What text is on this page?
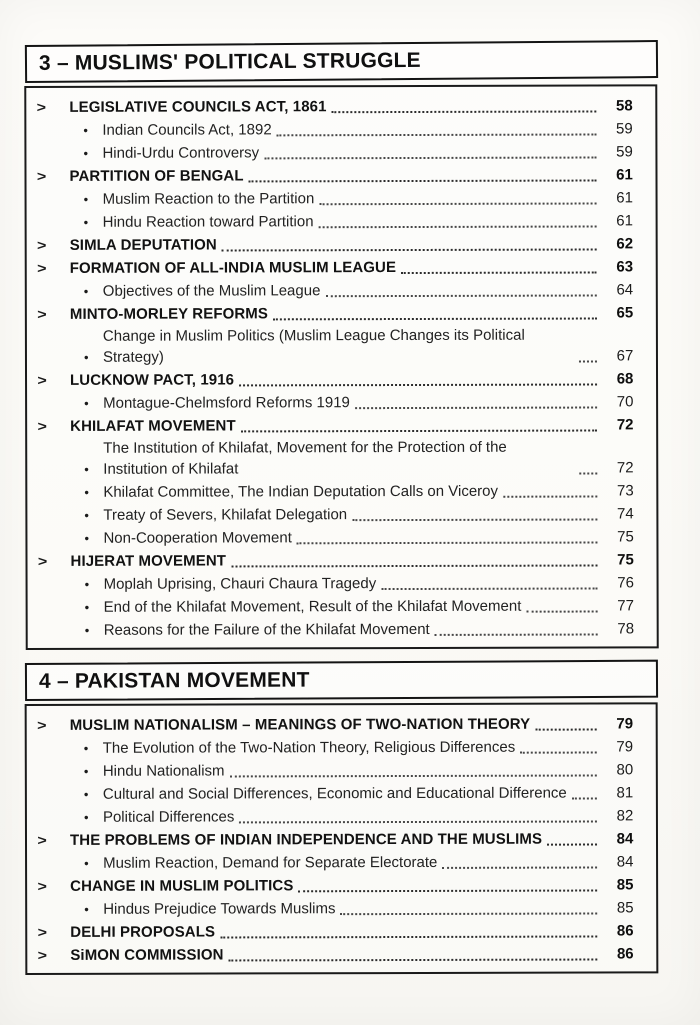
3 – MUSLIMS' POLITICAL STRUGGLE
>	LEGISLATIVE COUNCILS ACT, 1861	58
• Indian Councils Act, 1892	59
• Hindi-Urdu Controversy	59
>	PARTITION OF BENGAL	61
• Muslim Reaction to the Partition	61
• Hindu Reaction toward Partition	61
>	SIMLA DEPUTATION	62
>	FORMATION OF ALL-INDIA MUSLIM LEAGUE	63
• Objectives of the Muslim League	64
>	MINTO-MORLEY REFORMS	65
•
Change in Muslim Politics (Muslim League Changes its Political Strategy)	67
>	LUCKNOW PACT, 1916	68
• Montague-Chelmsford Reforms 1919	70
>	KHILAFAT MOVEMENT	72
•
The Institution of Khilafat, Movement for the Protection of the Institution of Khilafat	72
• Khilafat Committee, The Indian Deputation Calls on Viceroy	73
• Treaty of Severs, Khilafat Delegation	74
• Non-Cooperation Movement	75
>	HIJERAT MOVEMENT	75
• Moplah Uprising, Chauri Chaura Tragedy	76
• End of the Khilafat Movement, Result of the Khilafat Movement	77
• Reasons for the Failure of the Khilafat Movement	78
4 – PAKISTAN MOVEMENT
>	MUSLIM NATIONALISM – MEANINGS OF TWO-NATION THEORY	79
• The Evolution of the Two-Nation Theory, Religious Differences	79
• Hindu Nationalism	80
• Cultural and Social Differences, Economic and Educational Difference	81
• Political Differences	82
>	THE PROBLEMS OF INDIAN INDEPENDENCE AND THE MUSLIMS	84
• Muslim Reaction, Demand for Separate Electorate	84
>	CHANGE IN MUSLIM POLITICS	85
• Hindus Prejudice Towards Muslims	85
>	DELHI PROPOSALS	86
>	SiMON COMMISSION	86
